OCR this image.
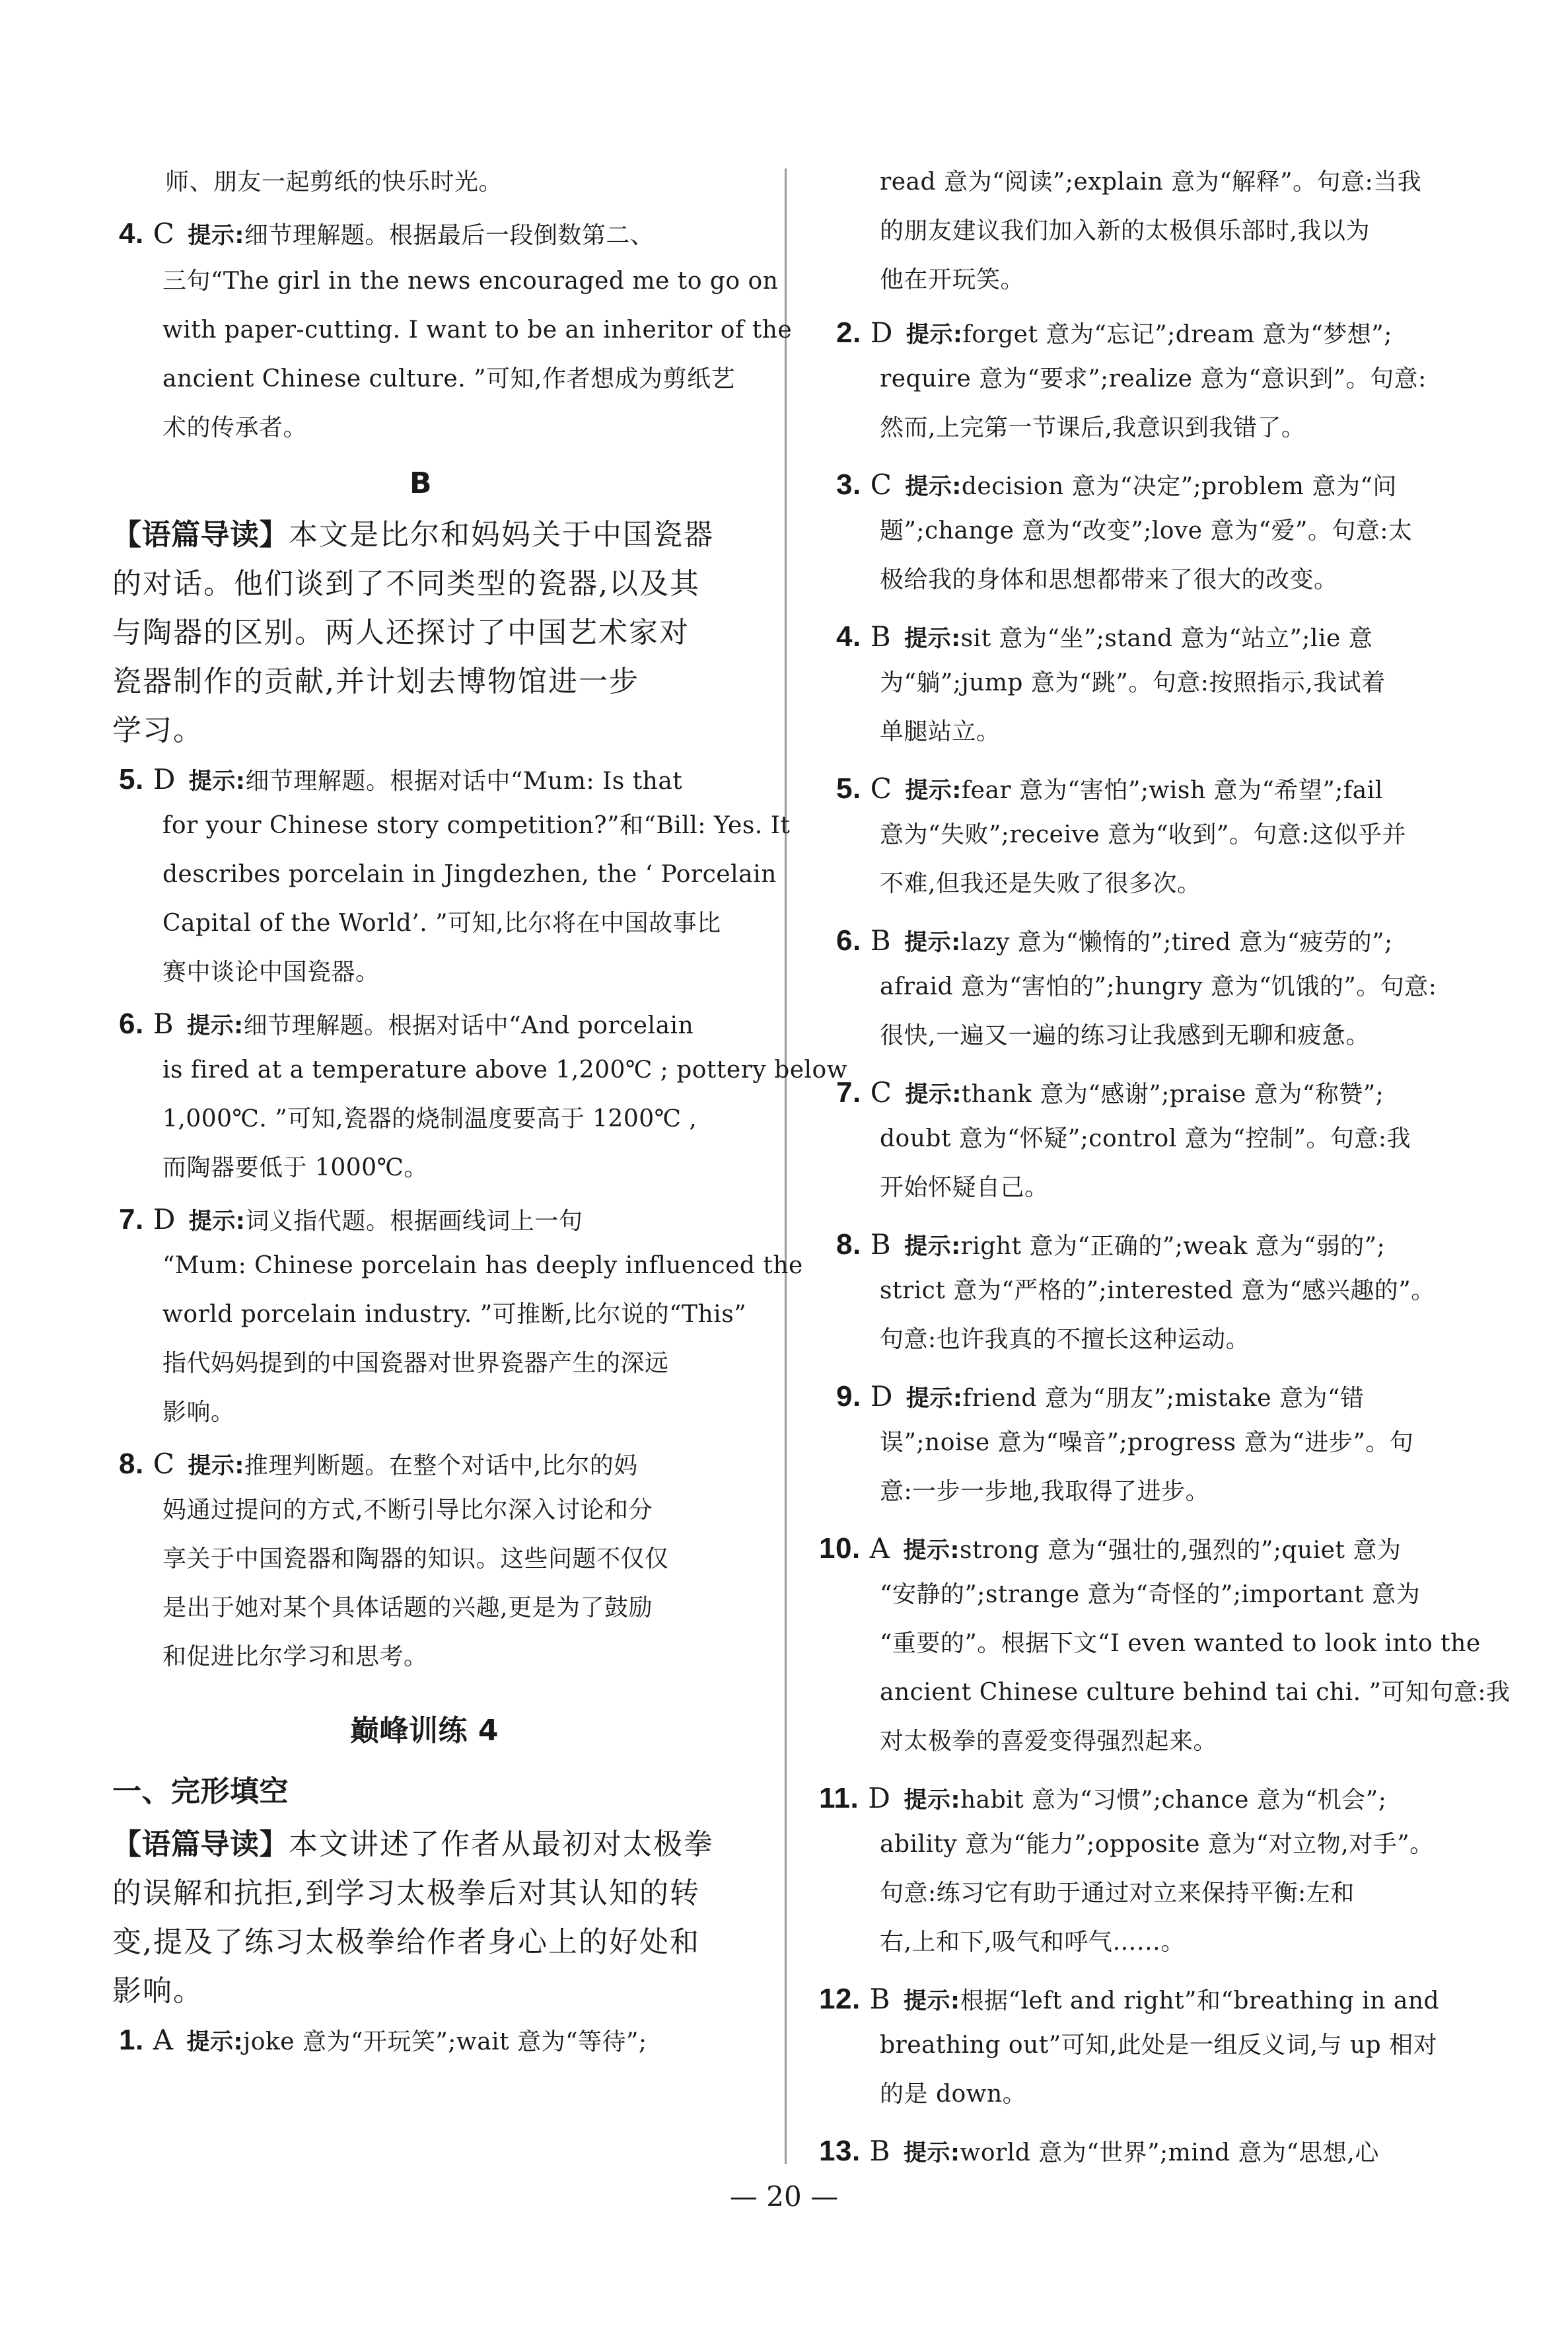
师、朋友一起剪纸的快乐时光。
4. C 提示:细节理解题。根据最后一段倒数第二、
三句“The girl in the news encouraged me to go on
with paper-cutting. I want to be an inheritor of the
ancient Chinese culture. ”可知,作者想成为剪纸艺
术的传承者。
B
【语篇导读】本文是比尔和妈妈关于中国瓷器
的对话。他们谈到了不同类型的瓷器,以及其
与陶器的区别。两人还探讨了中国艺术家对
瓷器制作的贡献,并计划去博物馆进一步
学习。
5. D 提示:细节理解题。根据对话中“Mum: Is that
for your Chinese story competition?”和“Bill: Yes. It
describes porcelain in Jingdezhen, the ‘ Porcelain
Capital of the World’. ”可知,比尔将在中国故事比
赛中谈论中国瓷器。
6. B 提示:细节理解题。根据对话中“And porcelain
is fired at a temperature above 1,200℃ ; pottery below
1,000℃. ”可知,瓷器的烧制温度要高于 1200℃ ,
而陶器要低于 1000℃。
7. D 提示:词义指代题。根据画线词上一句
“Mum: Chinese porcelain has deeply influenced the
world porcelain industry. ”可推断,比尔说的“This”
指代妈妈提到的中国瓷器对世界瓷器产生的深远
影响。
8. C 提示:推理判断题。在整个对话中,比尔的妈
妈通过提问的方式,不断引导比尔深入讨论和分
享关于中国瓷器和陶器的知识。这些问题不仅仅
是出于她对某个具体话题的兴趣,更是为了鼓励
和促进比尔学习和思考。
巅峰训练 4
一、完形填空
【语篇导读】本文讲述了作者从最初对太极拳
的误解和抗拒,到学习太极拳后对其认知的转
变,提及了练习太极拳给作者身心上的好处和
影响。
1. A 提示:joke 意为“开玩笑”;wait 意为“等待”;
read 意为“阅读”;explain 意为“解释”。句意:当我
的朋友建议我们加入新的太极俱乐部时,我以为
他在开玩笑。
2. D 提示:forget 意为“忘记”;dream 意为“梦想”;
require 意为“要求”;realize 意为“意识到”。句意:
然而,上完第一节课后,我意识到我错了。
3. C 提示:decision 意为“决定”;problem 意为“问
题”;change 意为“改变”;love 意为“爱”。句意:太
极给我的身体和思想都带来了很大的改变。
4. B 提示:sit 意为“坐”;stand 意为“站立”;lie 意
为“躺”;jump 意为“跳”。句意:按照指示,我试着
单腿站立。
5. C 提示:fear 意为“害怕”;wish 意为“希望”;fail
意为“失败”;receive 意为“收到”。句意:这似乎并
不难,但我还是失败了很多次。
6. B 提示:lazy 意为“懒惰的”;tired 意为“疲劳的”;
afraid 意为“害怕的”;hungry 意为“饥饿的”。句意:
很快,一遍又一遍的练习让我感到无聊和疲惫。
7. C 提示:thank 意为“感谢”;praise 意为“称赞”;
doubt 意为“怀疑”;control 意为“控制”。句意:我
开始怀疑自己。
8. B 提示:right 意为“正确的”;weak 意为“弱的”;
strict 意为“严格的”;interested 意为“感兴趣的”。
句意:也许我真的不擅长这种运动。
9. D 提示:friend 意为“朋友”;mistake 意为“错
误”;noise 意为“噪音”;progress 意为“进步”。句
意:一步一步地,我取得了进步。
10. A 提示:strong 意为“强壮的,强烈的”;quiet 意为
“安静的”;strange 意为“奇怪的”;important 意为
“重要的”。根据下文“I even wanted to look into the
ancient Chinese culture behind tai chi. ”可知句意:我
对太极拳的喜爱变得强烈起来。
11. D 提示:habit 意为“习惯”;chance 意为“机会”;
ability 意为“能力”;opposite 意为“对立物,对手”。
句意:练习它有助于通过对立来保持平衡:左和
右,上和下,吸气和呼气……。
12. B 提示:根据“left and right”和“breathing in and
breathing out”可知,此处是一组反义词,与 up 相对
的是 down。
13. B 提示:world 意为“世界”;mind 意为“思想,心
— 20 —
